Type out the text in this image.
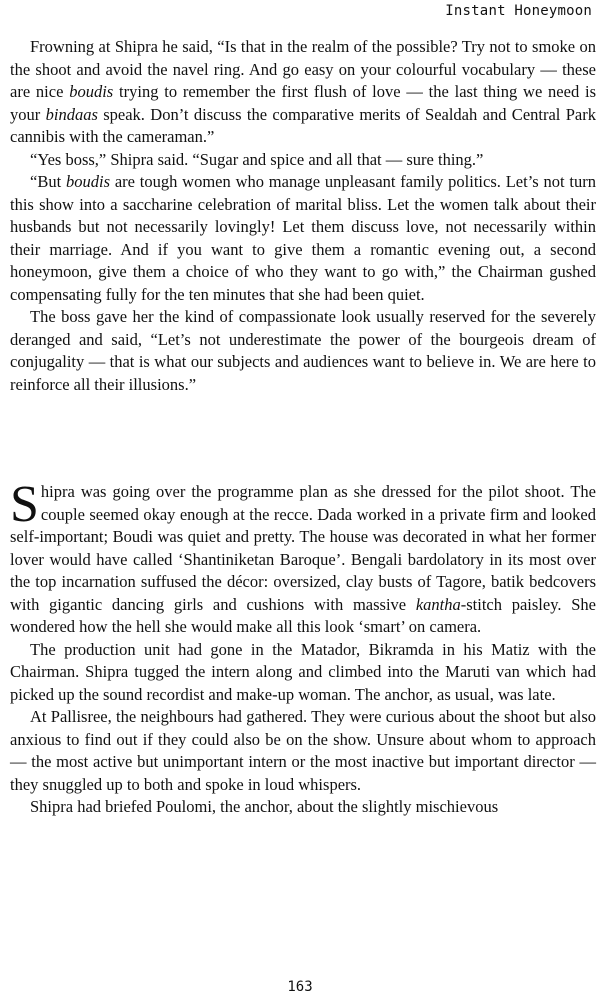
Instant Honeymoon

Frowning at Shipra he said, “Is that in the realm of the possible? Try not to smoke on the shoot and avoid the navel ring. And go easy on your colourful vocabulary — these are nice boudis trying to remember the first flush of love — the last thing we need is your bindaas speak. Don’t discuss the comparative merits of Sealdah and Central Park cannibis with the cameraman.”

“Yes boss,” Shipra said. “Sugar and spice and all that — sure thing.”

“But boudis are tough women who manage unpleasant family politics. Let’s not turn this show into a saccharine celebration of marital bliss. Let the women talk about their husbands but not necessarily lovingly! Let them discuss love, not necessarily within their marriage. And if you want to give them a romantic evening out, a second honeymoon, give them a choice of who they want to go with,” the Chairman gushed compensating fully for the ten minutes that she had been quiet.

The boss gave her the kind of compassionate look usually reserved for the severely deranged and said, “Let’s not underestimate the power of the bourgeois dream of conjugality — that is what our subjects and audiences want to believe in. We are here to reinforce all their illusions.”

Shipra was going over the programme plan as she dressed for the pilot shoot. The couple seemed okay enough at the recce. Dada worked in a private firm and looked self-important; Boudi was quiet and pretty. The house was decorated in what her former lover would have called ‘Shantiniketan Baroque’. Bengali bardolatory in its most over the top incarnation suffused the décor: oversized, clay busts of Tagore, batik bedcovers with gigantic dancing girls and cushions with massive kantha-stitch paisley. She wondered how the hell she would make all this look ‘smart’ on camera.

The production unit had gone in the Matador, Bikramda in his Matiz with the Chairman. Shipra tugged the intern along and climbed into the Maruti van which had picked up the sound recordist and make-up woman. The anchor, as usual, was late.

At Pallisree, the neighbours had gathered. They were curious about the shoot but also anxious to find out if they could also be on the show. Unsure about whom to approach — the most active but unimportant intern or the most inactive but important director — they snuggled up to both and spoke in loud whispers.

Shipra had briefed Poulomi, the anchor, about the slightly mischievous

163
